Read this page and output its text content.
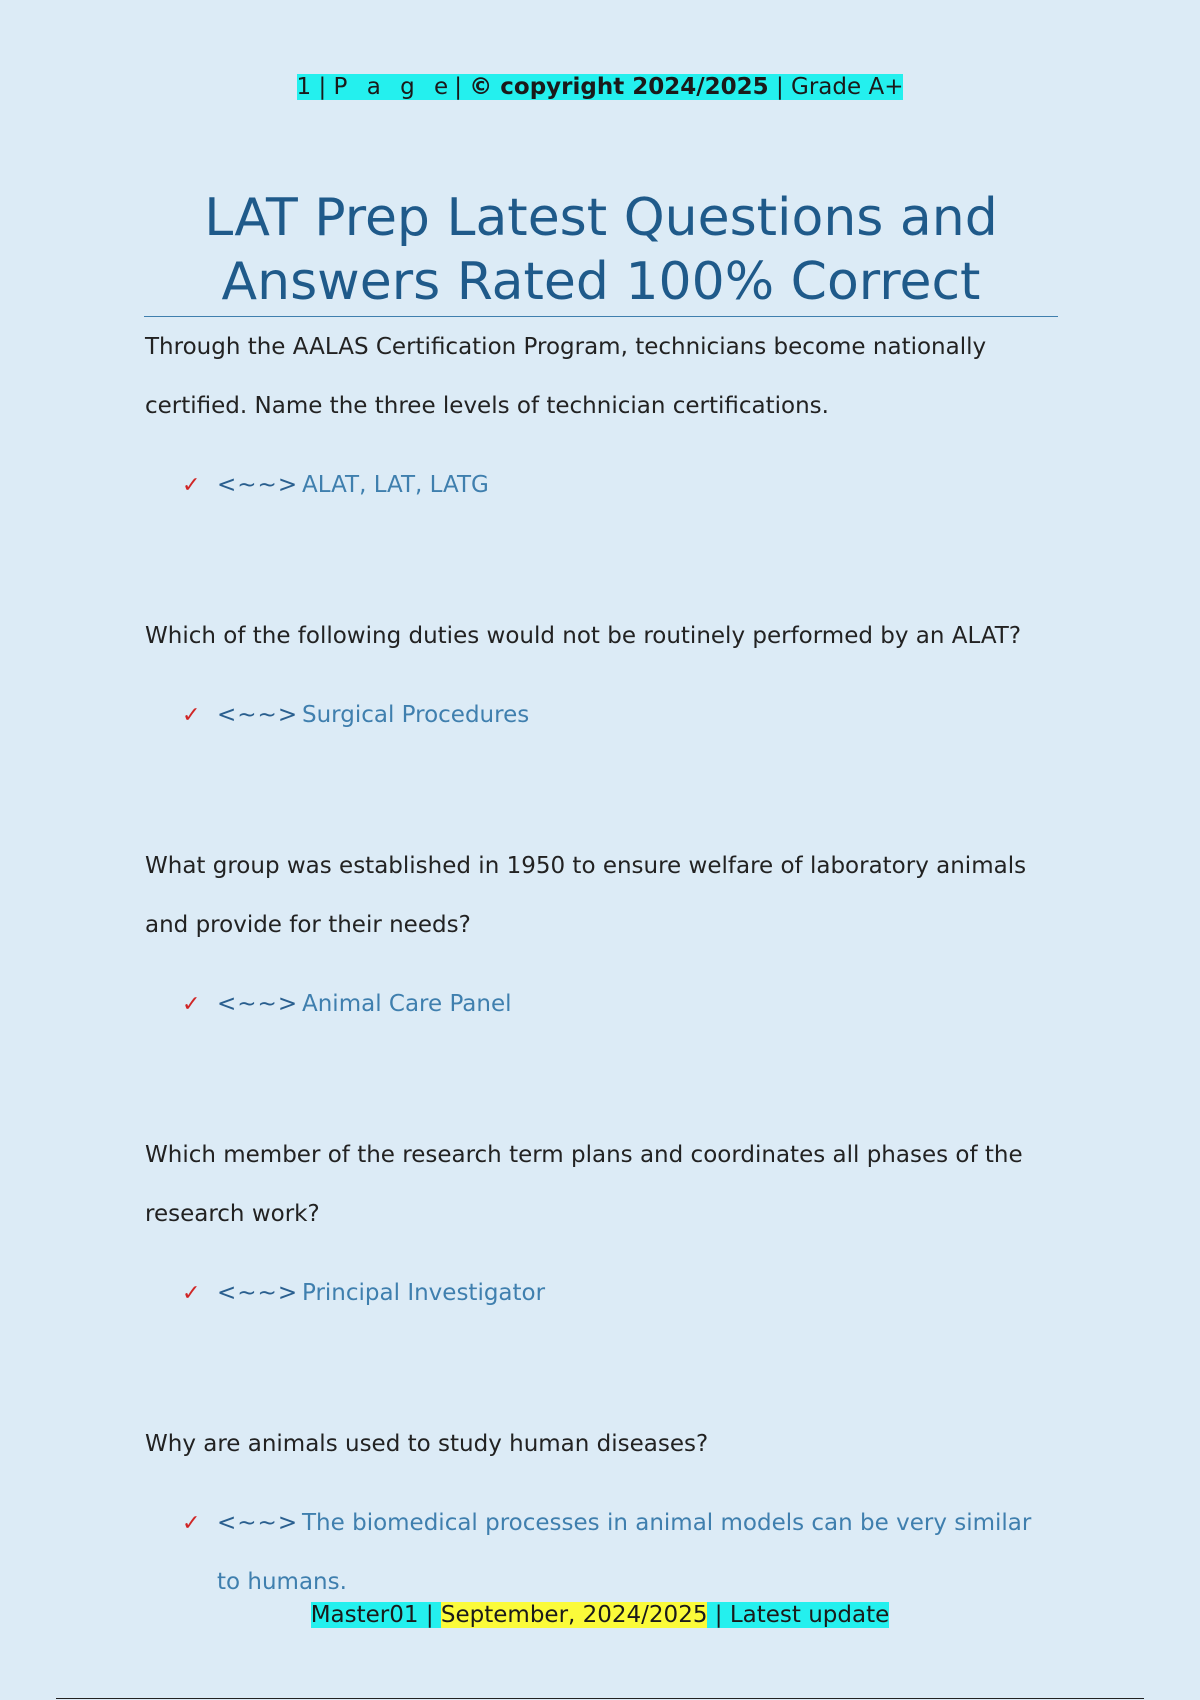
1 | P a g e| © copyright 2024/2025 | Grade A+
LAT Prep Latest Questions and
Answers Rated 100% Correct

Through the AALAS Certification Program, technicians become nationally certified. Name the three levels of technician certifications.

✓ <~~> ALAT, LAT, LATG

Which of the following duties would not be routinely performed by an ALAT?

✓ <~~> Surgical Procedures

What group was established in 1950 to ensure welfare of laboratory animals and provide for their needs?

✓ <~~> Animal Care Panel

Which member of the research term plans and coordinates all phases of the research work?

✓ <~~> Principal Investigator

Why are animals used to study human diseases?

✓ <~~> The biomedical processes in animal models can be very similar
to humans.
Master01 | September, 2024/2025 | Latest update
